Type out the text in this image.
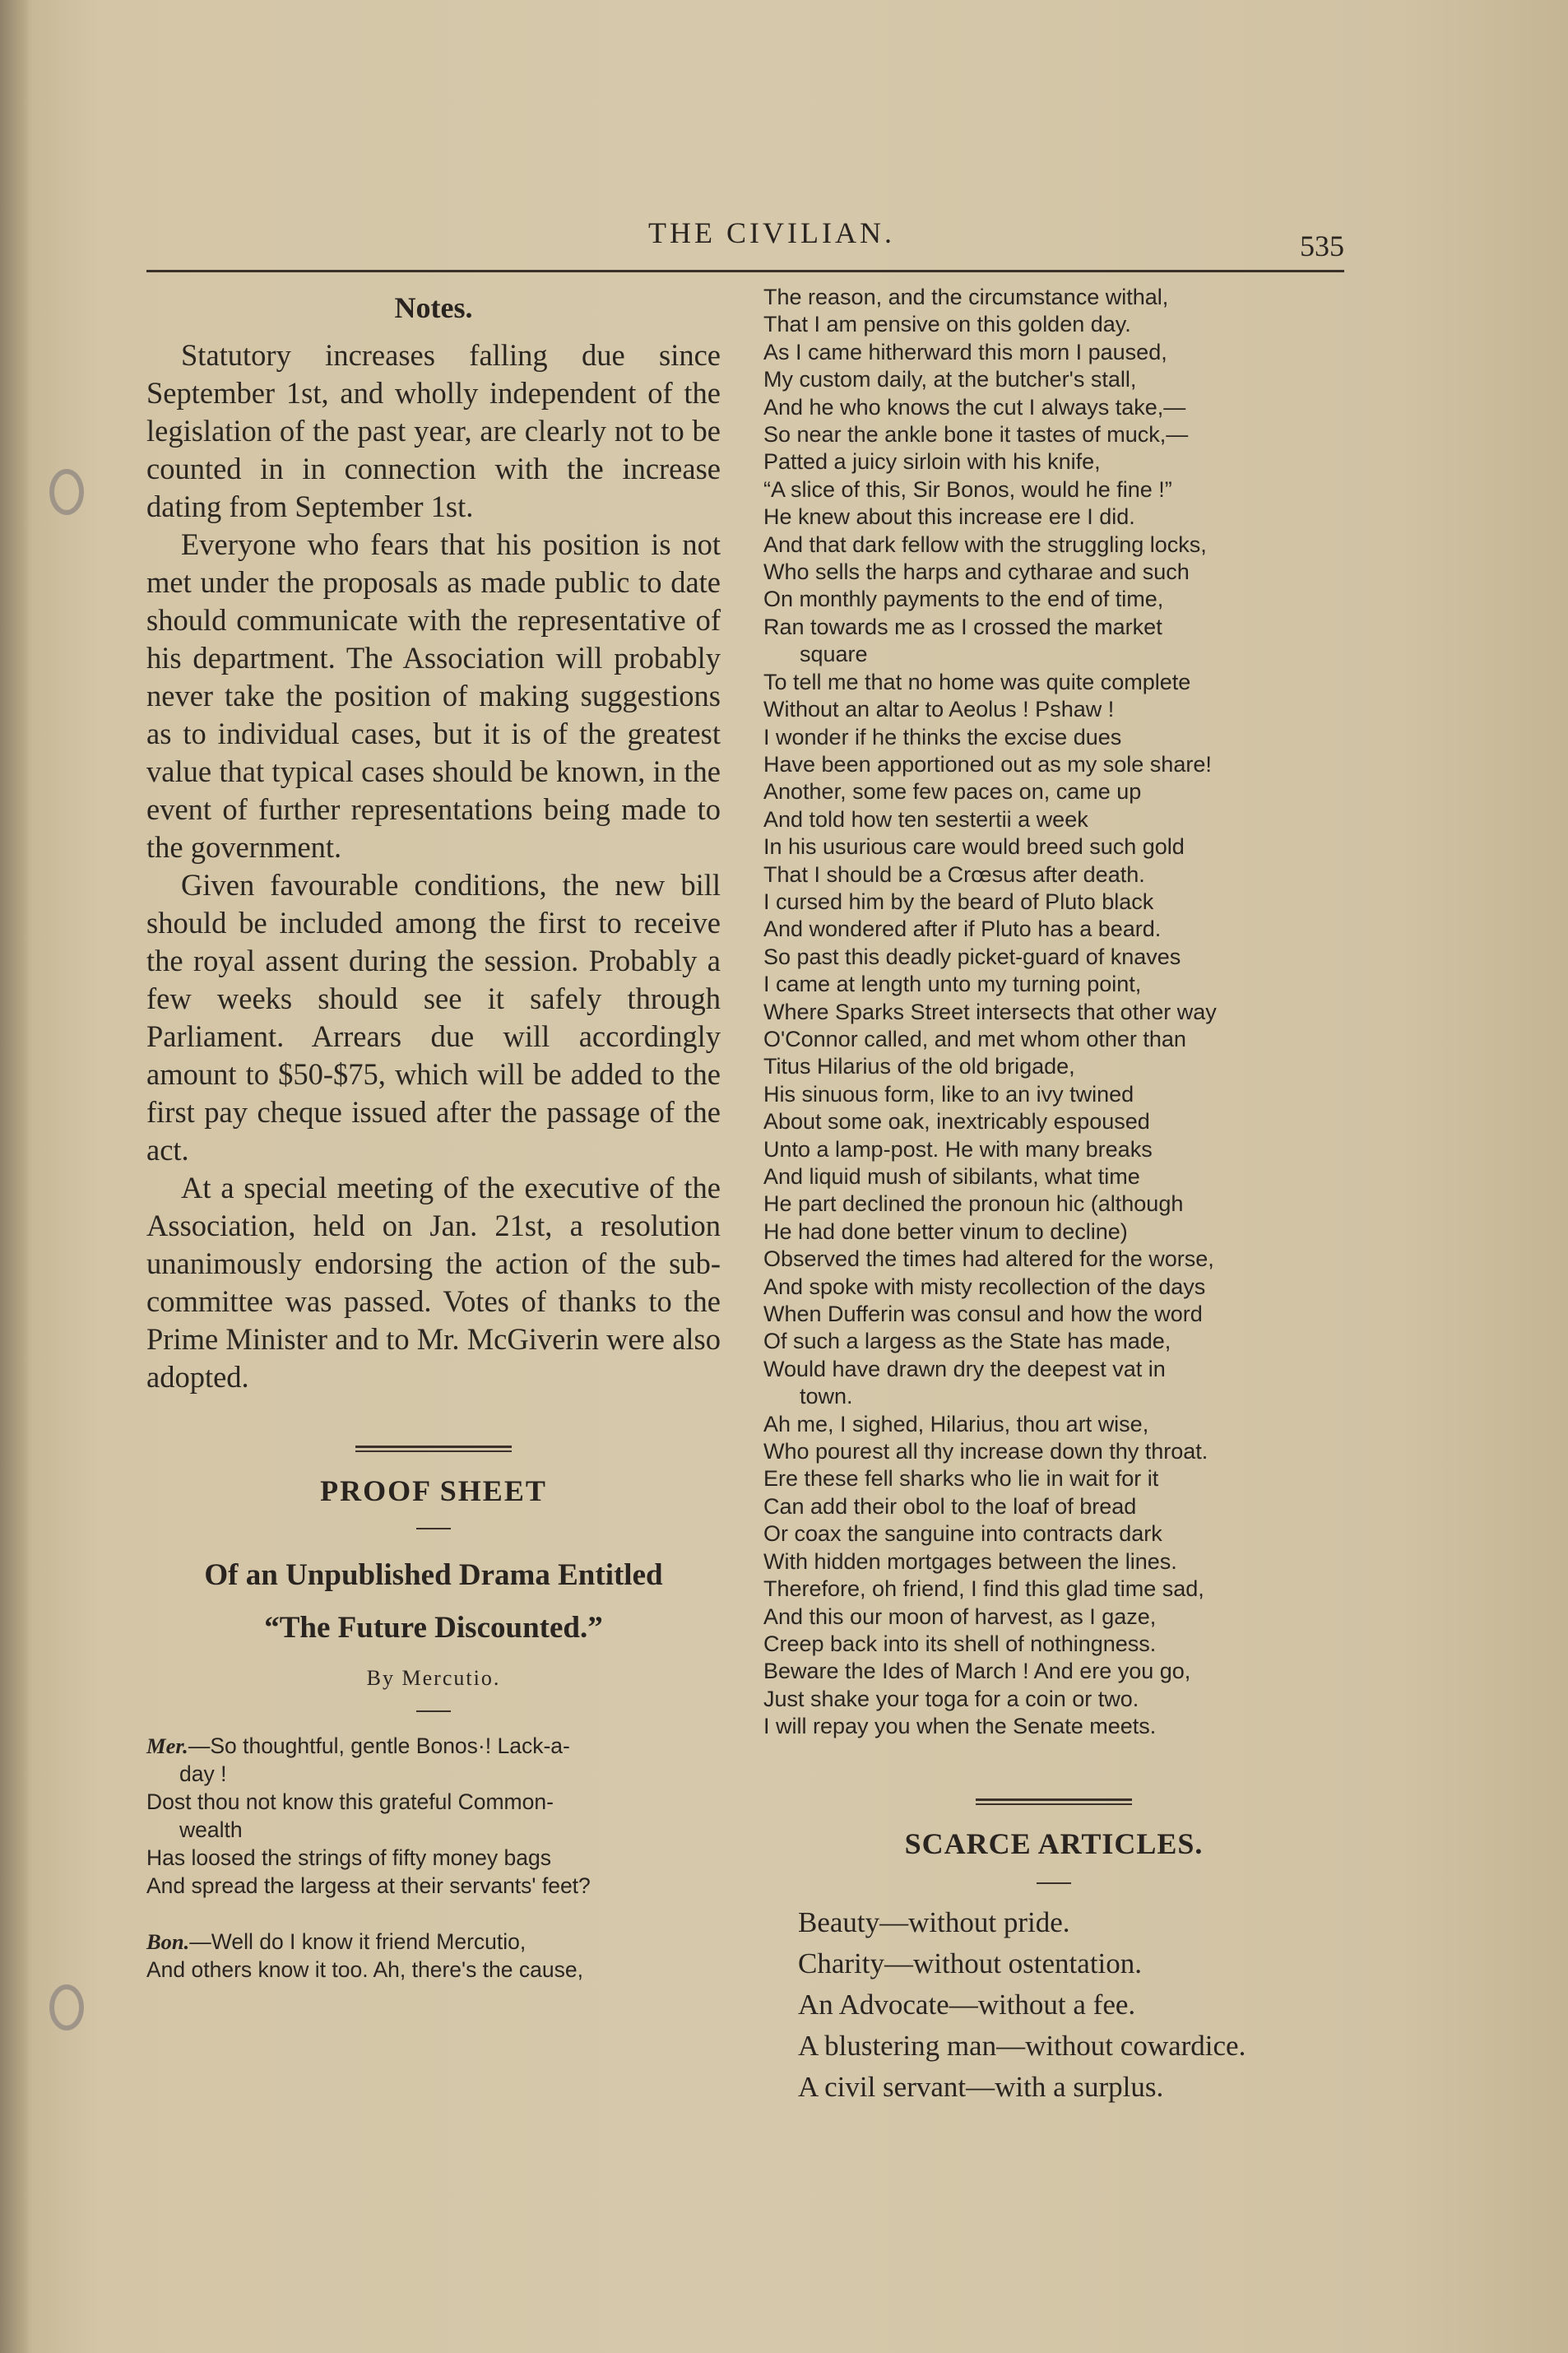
THE CIVILIAN.	535
Notes.

Statutory increases falling due since September 1st, and wholly independent of the legislation of the past year, are clearly not to be counted in in connection with the increase dating from September 1st.

Everyone who fears that his position is not met under the proposals as made public to date should communicate with the representative of his department. The Association will probably never take the position of making suggestions as to individual cases, but it is of the greatest value that typical cases should be known, in the event of further representations being made to the government.

Given favourable conditions, the new bill should be included among the first to receive the royal assent during the session. Probably a few weeks should see it safely through Parliament. Arrears due will accordingly amount to $50-$75, which will be added to the first pay cheque issued after the passage of the act.

At a special meeting of the executive of the Association, held on Jan. 21st, a resolution unanimously endorsing the action of the sub-committee was passed. Votes of thanks to the Prime Minister and to Mr. McGiverin were also adopted.

PROOF SHEET
Of an Unpublished Drama Entitled
“The Future Discounted.”
By Mercutio.
Mer.—So thoughtful, gentle Bonos·! Lack-a-
day !
Dost thou not know this grateful Common-
wealth
Has loosed the strings of fifty money bags
And spread the largess at their servants' feet?
Bon.—Well do I know it friend Mercutio,
And others know it too. Ah, there's the cause,
The reason, and the circumstance withal,
That I am pensive on this golden day.
As I came hitherward this morn I paused,
My custom daily, at the butcher's stall,
And he who knows the cut I always take,—
So near the ankle bone it tastes of muck,—
Patted a juicy sirloin with his knife,
“A slice of this, Sir Bonos, would he fine !”
He knew about this increase ere I did.
And that dark fellow with the struggling locks,
Who sells the harps and cytharae and such
On monthly payments to the end of time,
Ran towards me as I crossed the market
square
To tell me that no home was quite complete
Without an altar to Aeolus ! Pshaw !
I wonder if he thinks the excise dues
Have been apportioned out as my sole share!
Another, some few paces on, came up
And told how ten sestertii a week
In his usurious care would breed such gold
That I should be a Crœsus after death.
I cursed him by the beard of Pluto black
And wondered after if Pluto has a beard.
So past this deadly picket-guard of knaves
I came at length unto my turning point,
Where Sparks Street intersects that other way
O'Connor called, and met whom other than
Titus Hilarius of the old brigade,
His sinuous form, like to an ivy twined
About some oak, inextricably espoused
Unto a lamp-post. He with many breaks
And liquid mush of sibilants, what time
He part declined the pronoun hic (although
He had done better vinum to decline)
Observed the times had altered for the worse,
And spoke with misty recollection of the days
When Dufferin was consul and how the word
Of such a largess as the State has made,
Would have drawn dry the deepest vat in
town.
Ah me, I sighed, Hilarius, thou art wise,
Who pourest all thy increase down thy throat.
Ere these fell sharks who lie in wait for it
Can add their obol to the loaf of bread
Or coax the sanguine into contracts dark
With hidden mortgages between the lines.
Therefore, oh friend, I find this glad time sad,
And this our moon of harvest, as I gaze,
Creep back into its shell of nothingness.
Beware the Ides of March ! And ere you go,
Just shake your toga for a coin or two.
I will repay you when the Senate meets.
SCARCE ARTICLES.

Beauty—without pride.

Charity—without ostentation.

An Advocate—without a fee.

A blustering man—without cowardice.

A civil servant—with a surplus.
